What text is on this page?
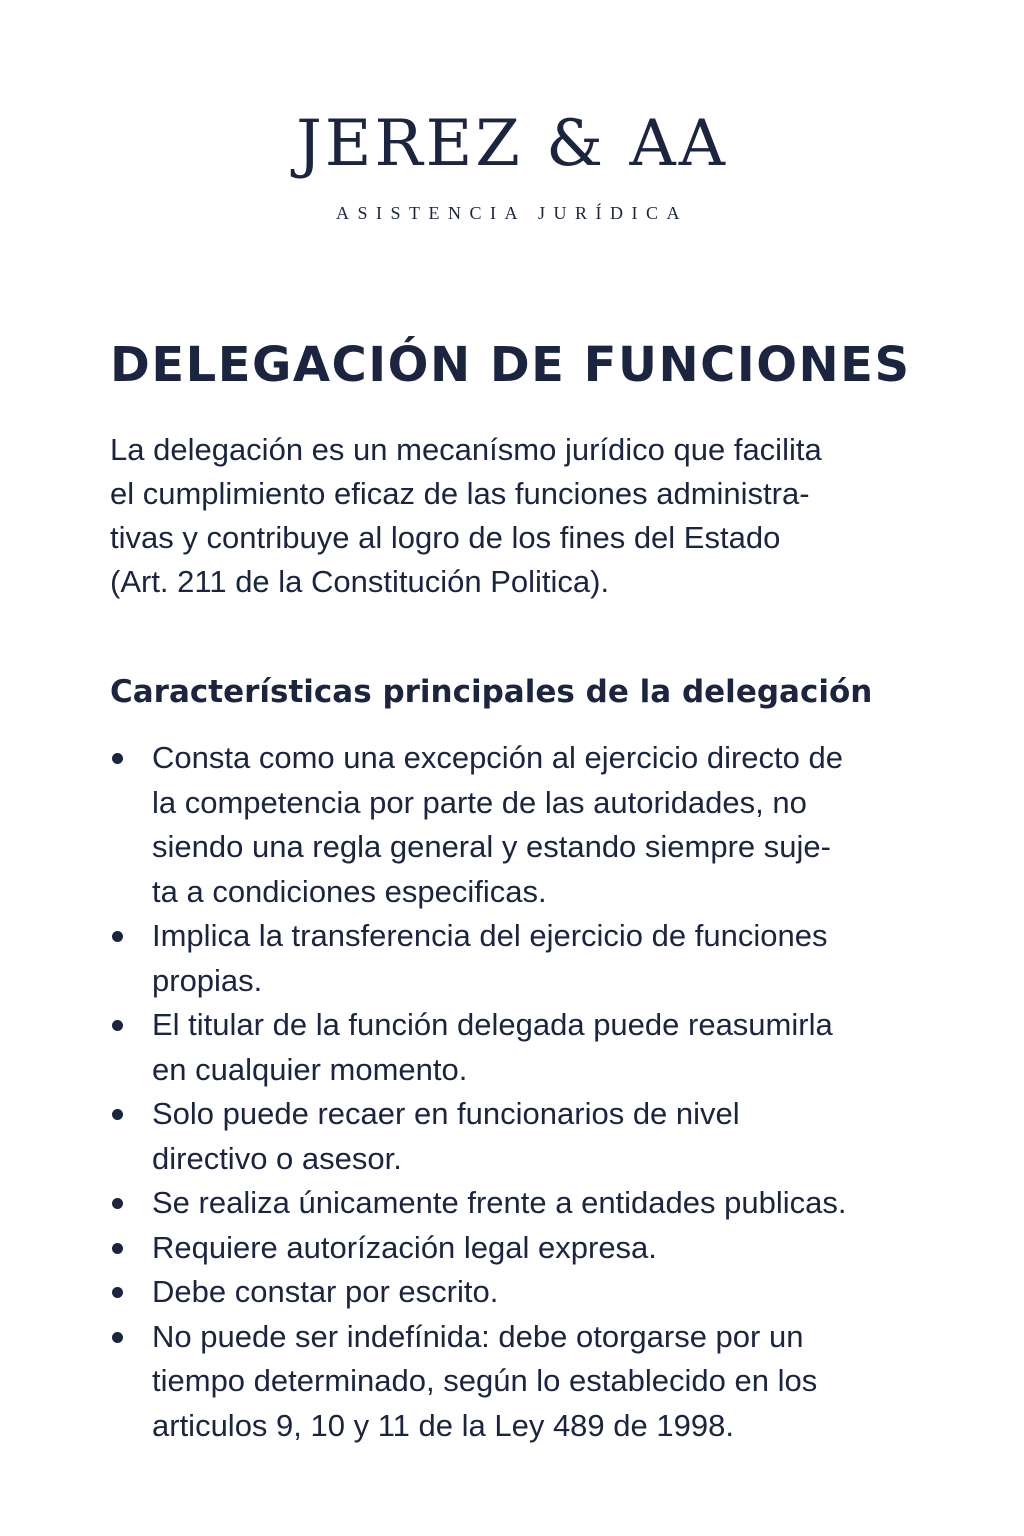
JEREZ & AA
ASISTENCIA JURÍDICA
DELEGACIÓN DE FUNCIONES

La delegación es un mecanísmo jurídico que facilita
el cumplimiento eficaz de las funciones administra-
tivas y contribuye al logro de los fines del Estado
(Art. 211 de la Constitución Politica).

Características principales de la delegación
Consta como una excepción al ejercicio directo de
la competencia por parte de las autoridades, no
siendo una regla general y estando siempre suje-
ta a condiciones especificas.
Implica la transferencia del ejercicio de funciones
propias.
El titular de la función delegada puede reasumirla
en cualquier momento.
Solo puede recaer en funcionarios de nivel
directivo o asesor.
Se realiza únicamente frente a entidades publicas.
Requiere autorízación legal expresa.
Debe constar por escrito.
No puede ser indefínida: debe otorgarse por un
tiempo determinado, según lo establecido en los
articulos 9, 10 y 11 de la Ley 489 de 1998.
